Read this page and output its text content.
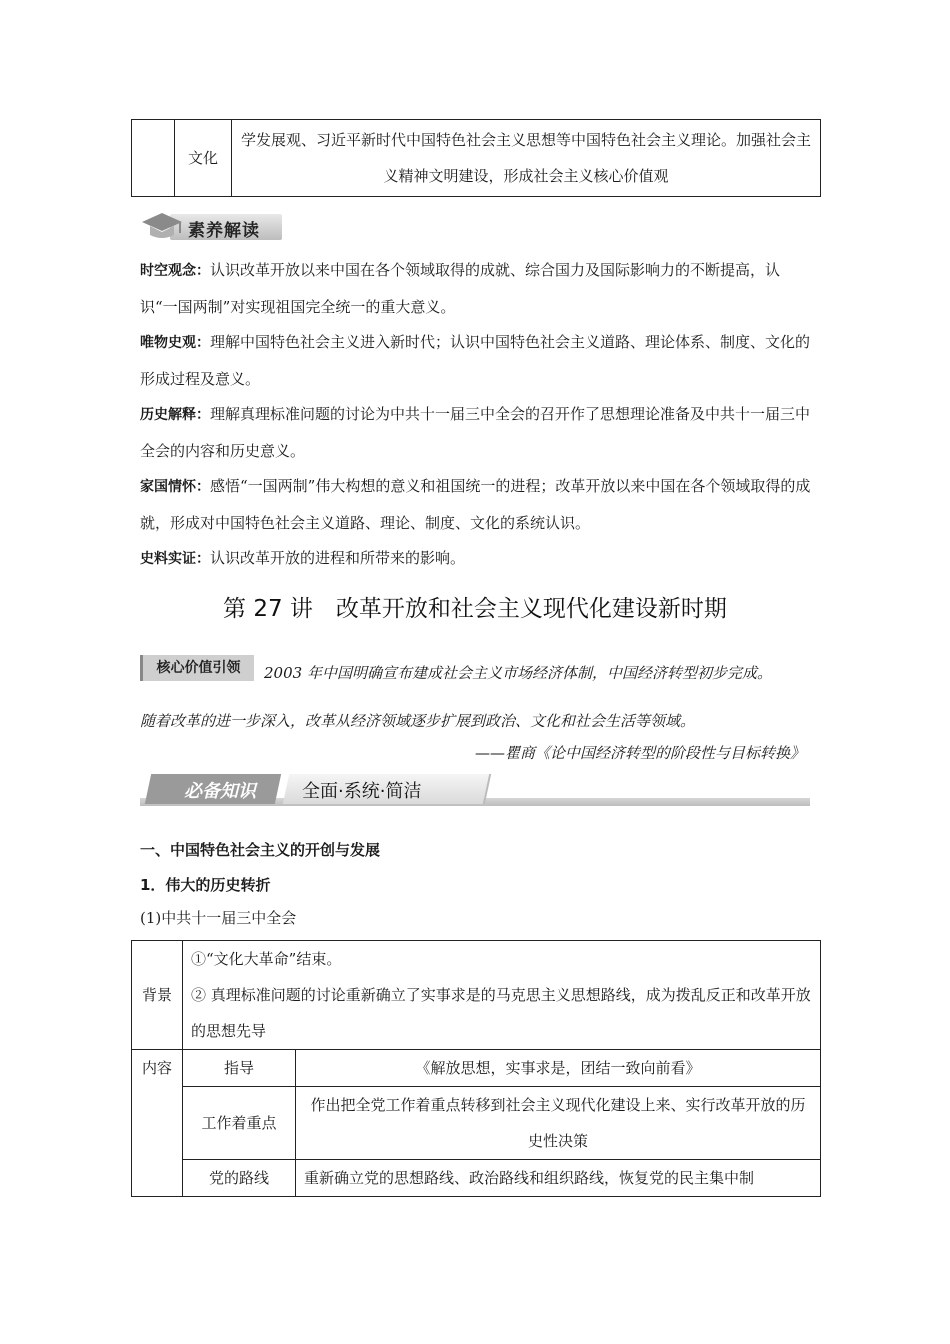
	文化	学发展观、习近平新时代中国特色社会主义思想等中国特色社会主义理论。加强社会主义精神文明建设，形成社会主义核心价值观
素养解读
时空观念：认识改革开放以来中国在各个领域取得的成就、综合国力及国际影响力的不断提高，认识“一国两制”对实现祖国完全统一的重大意义。
唯物史观：理解中国特色社会主义进入新时代；认识中国特色社会主义道路、理论体系、制度、文化的形成过程及意义。
历史解释：理解真理标准问题的讨论为中共十一届三中全会的召开作了思想理论准备及中共十一届三中全会的内容和历史意义。
家国情怀：感悟“一国两制”伟大构想的意义和祖国统一的进程；改革开放以来中国在各个领域取得的成就，形成对中国特色社会主义道路、理论、制度、文化的系统认识。
史料实证：认识改革开放的进程和所带来的影响。
第 27 讲　改革开放和社会主义现代化建设新时期
核心价值引领	2003 年中国明确宣布建成社会主义市场经济体制，中国经济转型初步完成。
随着改革的进一步深入，改革从经济领域逐步扩展到政治、文化和社会生活等领域。
——瞿商《论中国经济转型的阶段性与目标转换》
必备知识	全面·系统·简洁
一、中国特色社会主义的开创与发展
1．伟大的历史转折
(1)中共十一届三中全会
背景	①“文化大革命”结束。
② 真理标准问题的讨论重新确立了实事求是的马克思主义思想路线，成为拨乱反正和改革开放的思想先导	

内容	指导	《解放思想，实事求是，团结一致向前看》
	工作着重点	作出把全党工作着重点转移到社会主义现代化建设上来、实行改革开放的历史性决策
	党的路线	重新确立党的思想路线、政治路线和组织路线，恢复党的民主集中制
